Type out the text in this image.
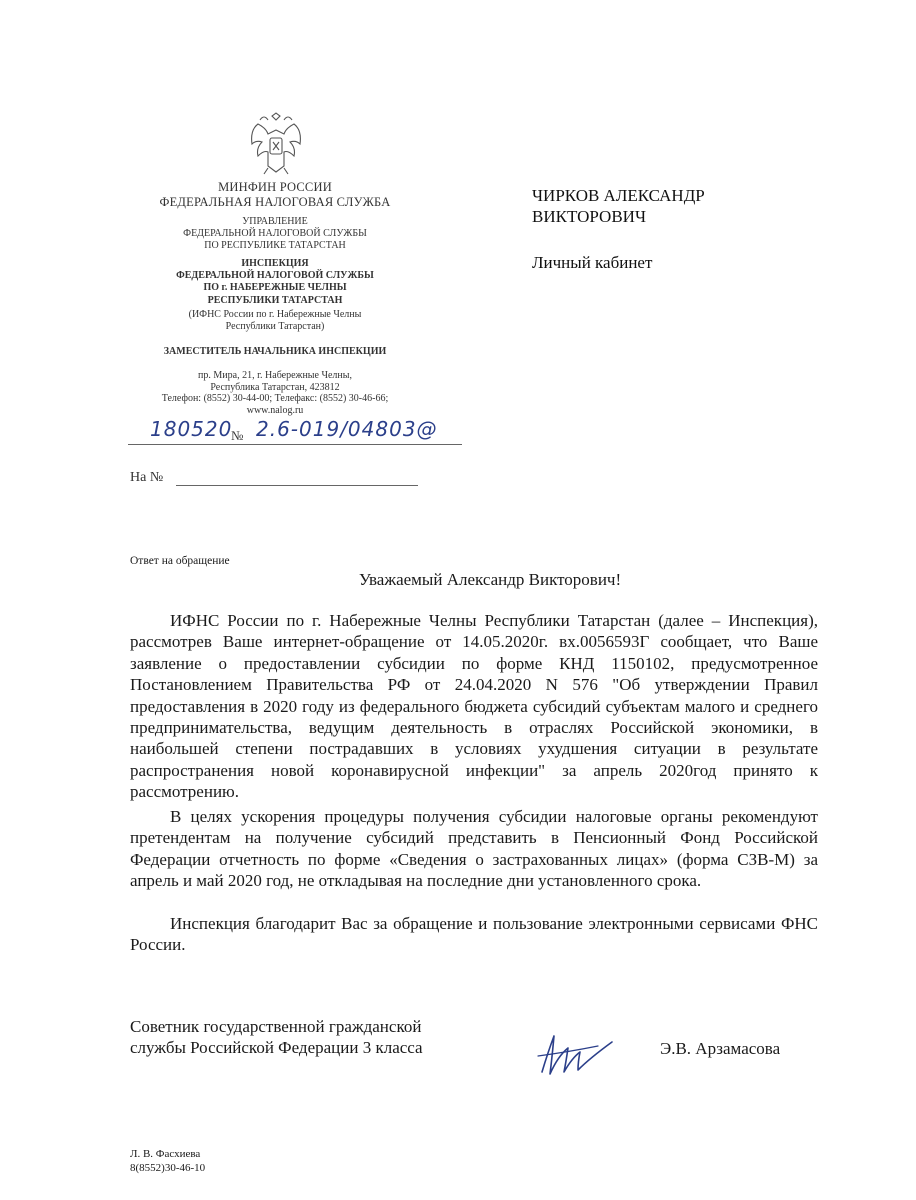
МИНФИН РОССИИ
ФЕДЕРАЛЬНАЯ НАЛОГОВАЯ СЛУЖБА
УПРАВЛЕНИЕ
ФЕДЕРАЛЬНОЙ НАЛОГОВОЙ СЛУЖБЫ
ПО РЕСПУБЛИКЕ ТАТАРСТАН
ИНСПЕКЦИЯ
ФЕДЕРАЛЬНОЙ НАЛОГОВОЙ СЛУЖБЫ
ПО г. НАБЕРЕЖНЫЕ ЧЕЛНЫ
РЕСПУБЛИКИ ТАТАРСТАН
(ИФНС России по г. Набережные Челны
Республики Татарстан)
ЗАМЕСТИТЕЛЬ НАЧАЛЬНИКА ИНСПЕКЦИИ
пр. Мира, 21, г. Набережные Челны,
Республика Татарстан, 423812
Телефон: (8552) 30-44-00; Телефакс: (8552) 30-46-66;
www.nalog.ru
180520
№ 2.6-019/04803@
На №
ЧИРКОВ АЛЕКСАНДР
ВИКТОРОВИЧ
Личный кабинет
Ответ на обращение
Уважаемый Александр Викторович!
ИФНС России по г. Набережные Челны Республики Татарстан (далее – Инспекция), рассмотрев Ваше интернет-обращение от 14.05.2020г. вх.0056593Г сообщает, что Ваше заявление о предоставлении субсидии по форме КНД 1150102, предусмотренное Постановлением Правительства РФ от 24.04.2020 N 576 "Об утверждении Правил предоставления в 2020 году из федерального бюджета субсидий субъектам малого и среднего предпринимательства, ведущим деятельность в отраслях Российской экономики, в наибольшей степени пострадавших в условиях ухудшения ситуации в результате распространения новой коронавирусной инфекции" за апрель 2020год принято к рассмотрению.
В целях ускорения процедуры получения субсидии налоговые органы рекомендуют претендентам на получение субсидий представить в Пенсионный Фонд Российской Федерации отчетность по форме «Сведения о застрахованных лицах» (форма СЗВ-М) за апрель и май 2020 год, не откладывая на последние дни установленного срока.
Инспекция благодарит Вас за обращение и пользование электронными сервисами ФНС России.
Советник государственной гражданской
службы Российской Федерации 3 класса	Э.В. Арзамасова
Л. В. Фасхиева
8(8552)30-46-10
